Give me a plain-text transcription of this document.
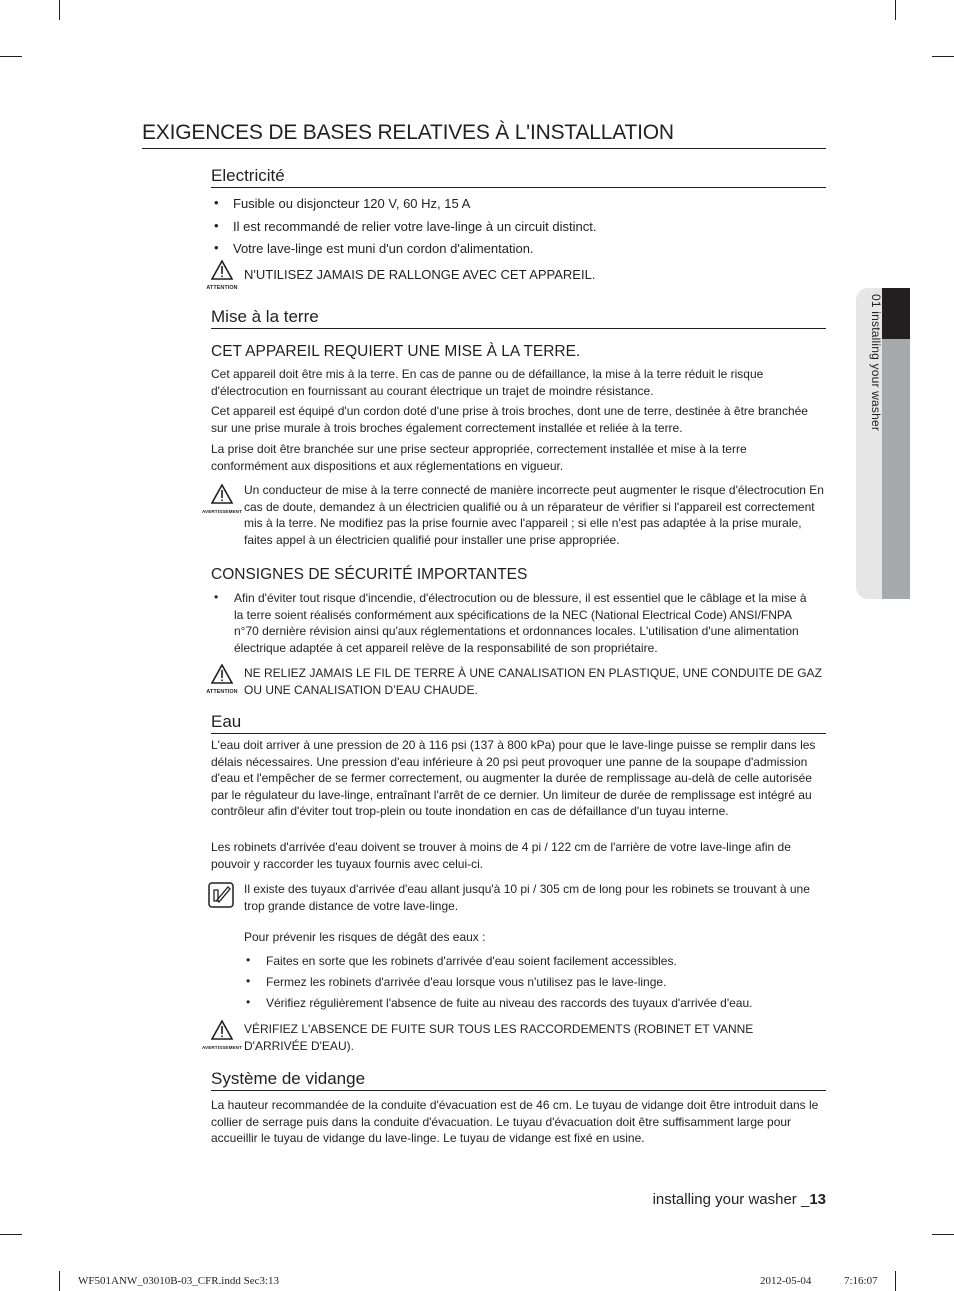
01 installing your washer
EXIGENCES DE BASES RELATIVES À L'INSTALLATION
Electricité
Fusible ou disjoncteur 120 V, 60 Hz, 15 A
Il est recommandé de relier votre lave-linge à un circuit distinct.
Votre lave-linge est muni d'un cordon d'alimentation.
•
•
•
ATTENTION
N'UTILISEZ JAMAIS DE RALLONGE AVEC CET APPAREIL.
Mise à la terre
CET APPAREIL REQUIERT UNE MISE À LA TERRE.
Cet appareil doit être mis à la terre. En cas de panne ou de défaillance, la mise à la terre réduit le risque d'électrocution en fournissant au courant électrique un trajet de moindre résistance.
Cet appareil est équipé d'un cordon doté d'une prise à trois broches, dont une de terre, destinée à être branchée sur une prise murale à trois broches également correctement installée et reliée à la terre.
La prise doit être branchée sur une prise secteur appropriée, correctement installée et mise à la terre conformément aux dispositions et aux réglementations en vigueur.
AVERTISSEMENT
Un conducteur de mise à la terre connecté de manière incorrecte peut augmenter le risque d'électrocution En cas de doute, demandez à un électricien qualifié ou à un réparateur de vérifier si l'appareil est correctement mis à la terre. Ne modifiez pas la prise fournie avec l'appareil ; si elle n'est pas adaptée à la prise murale, faites appel à un électricien qualifié pour installer une prise appropriée.
CONSIGNES DE SÉCURITÉ IMPORTANTES
• Afin d'éviter tout risque d'incendie, d'électrocution ou de blessure, il est essentiel que le câblage et la mise à la terre soient réalisés conformément aux spécifications de la NEC (National Electrical Code) ANSI/FNPA n°70 dernière révision ainsi qu'aux réglementations et ordonnances locales. L'utilisation d'une alimentation électrique adaptée à cet appareil relève de la responsabilité de son propriétaire.
ATTENTION
NE RELIEZ JAMAIS LE FIL DE TERRE À UNE CANALISATION EN PLASTIQUE, UNE CONDUITE DE GAZ OU UNE CANALISATION D’EAU CHAUDE.
Eau
L'eau doit arriver à une pression de 20 à 116 psi (137 à 800 kPa) pour que le lave-linge puisse se remplir dans les délais nécessaires. Une pression d'eau inférieure à 20 psi peut provoquer une panne de la soupape d'admission d'eau et l'empêcher de se fermer correctement, ou augmenter la durée de remplissage au-delà de celle autorisée par le régulateur du lave-linge, entraînant l'arrêt de ce dernier. Un limiteur de durée de remplissage est intégré au contrôleur afin d'éviter tout trop-plein ou toute inondation en cas de défaillance d'un tuyau interne.
Les robinets d'arrivée d'eau doivent se trouver à moins de 4 pi / 122 cm de l'arrière de votre lave-linge afin de pouvoir y raccorder les tuyaux fournis avec celui-ci.
Il existe des tuyaux d'arrivée d'eau allant jusqu'à 10 pi / 305 cm de long pour les robinets se trouvant à une trop grande distance de votre lave-linge.
Pour prévenir les risques de dégât des eaux :
•
•
•
Faites en sorte que les robinets d'arrivée d'eau soient facilement accessibles.
Fermez les robinets d'arrivée d'eau lorsque vous n'utilisez pas le lave-linge.
Vérifiez régulièrement l'absence de fuite au niveau des raccords des tuyaux d'arrivée d'eau.
AVERTISSEMENT
VÉRIFIEZ L'ABSENCE DE FUITE SUR TOUS LES RACCORDEMENTS (ROBINET ET VANNE D'ARRIVÉE D'EAU).
Système de vidange
La hauteur recommandée de la conduite d'évacuation est de 46 cm. Le tuyau de vidange doit être introduit dans le collier de serrage puis dans la conduite d'évacuation. Le tuyau d'évacuation doit être suffisamment large pour accueillir le tuyau de vidange du lave-linge. Le tuyau de vidange est fixé en usine.
installing your washer _13
WF501ANW_03010B-03_CFR.indd Sec3:13	2012-05-04	7:16:07
